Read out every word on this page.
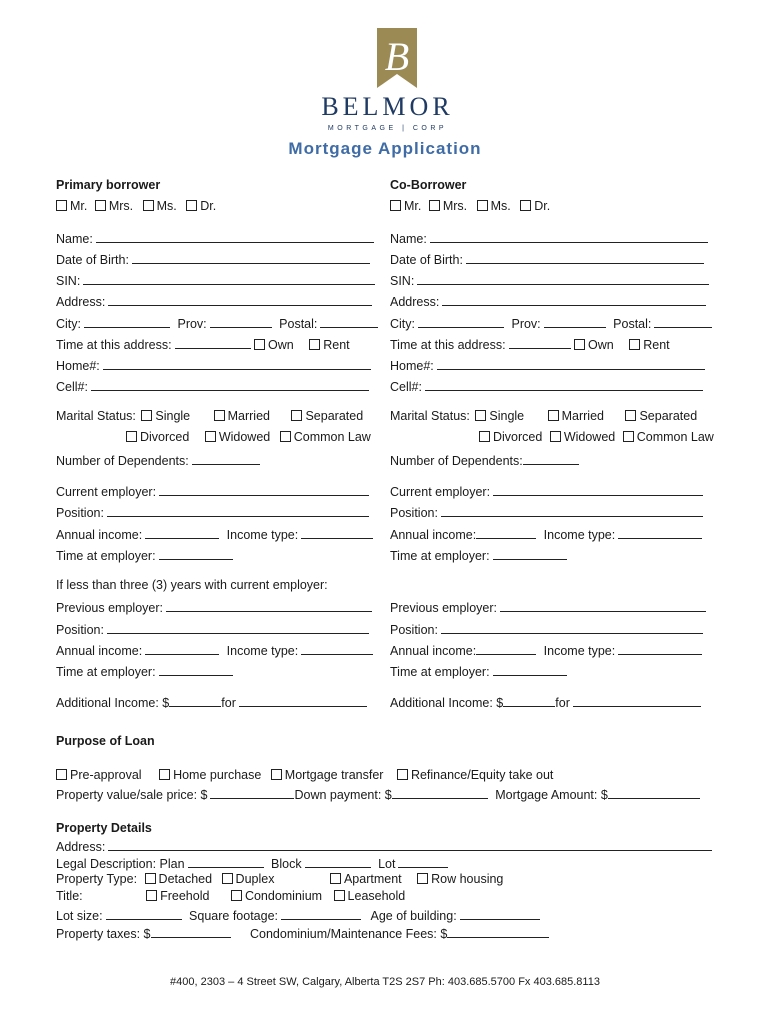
B
BELMOR
MORTGAGE | CORP
Mortgage Application
Primary borrower
Mr. Mrs. Ms. Dr.
Name:
Date of Birth:
SIN:
Address:
City:	Prov:	Postal:
Time at this address:	Own Rent
Home#:
Cell#:
Marital Status: Single	Married	Separated
Divorced Widowed Common Law
Number of Dependents:
Current employer:
Position:
Annual income:	Income type:
Time at employer:
If less than three (3) years with current employer:
Previous employer:
Position:
Annual income:	Income type:
Time at employer:
Additional Income: $	for
Co-Borrower
Mr. Mrs. Ms. Dr.
Name:
Date of Birth:
SIN:
Address:
City:	Prov:	Postal:
Time at this address:	Own Rent
Home#:
Cell#:
Marital Status: Single	Married	Separated
Divorced Widowed Common Law
Number of Dependents:
Current employer:
Position:
Annual income:	Income type:
Time at employer:
Previous employer:
Position:
Annual income:	Income type:
Time at employer:
Additional Income: $	for
Purpose of Loan
Pre-approval	Home purchase Mortgage transfer Refinance/Equity take out
Property value/sale price: $	Down payment: $	Mortgage Amount: $
Property Details
Address:
Legal Description: Plan	Block	Lot
Property Type: Detached Duplex	Apartment Row housing
Title:	Freehold	Condominium Leasehold
Lot size:	Square footage:	Age of building:
Property taxes: $	Condominium/Maintenance Fees: $
#400, 2303 – 4 Street SW, Calgary, Alberta T2S 2S7 Ph: 403.685.5700 Fx 403.685.8113
